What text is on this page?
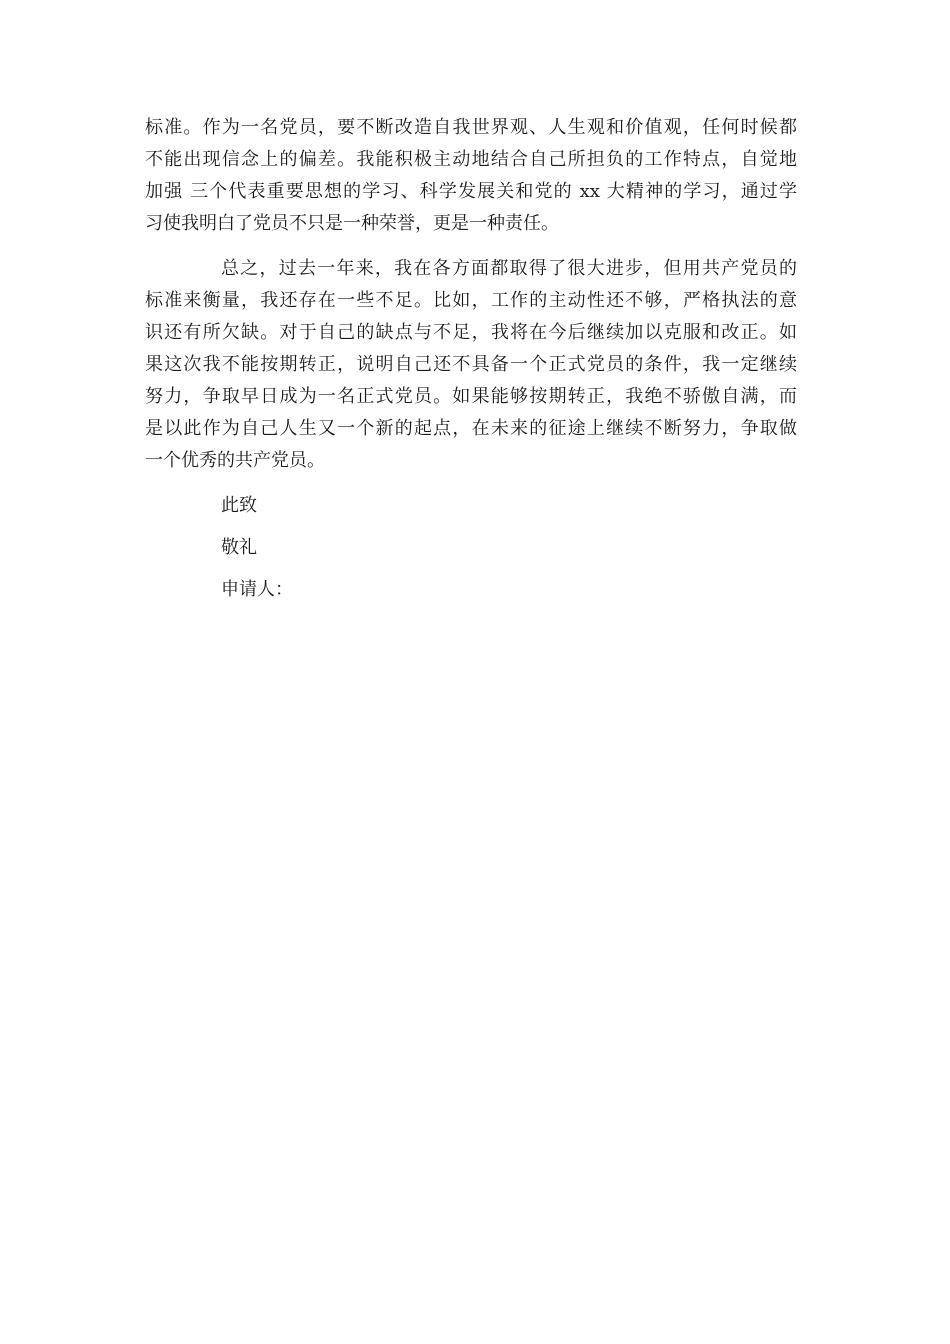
标准。作为一名党员，要不断改造自我世界观、人生观和价值观，任何时候都
不能出现信念上的偏差。我能积极主动地结合自己所担负的工作特点，自觉地
加强 三个代表重要思想的学习、科学发展关和党的 xx 大精神的学习，通过学
习使我明白了党员不只是一种荣誉，更是一种责任。
总之，过去一年来，我在各方面都取得了很大进步，但用共产党员的
标准来衡量，我还存在一些不足。比如，工作的主动性还不够，严格执法的意
识还有所欠缺。对于自己的缺点与不足，我将在今后继续加以克服和改正。如
果这次我不能按期转正，说明自己还不具备一个正式党员的条件，我一定继续
努力，争取早日成为一名正式党员。如果能够按期转正，我绝不骄傲自满，而
是以此作为自己人生又一个新的起点，在未来的征途上继续不断努力，争取做
一个优秀的共产党员。
此致
敬礼
申请人：
